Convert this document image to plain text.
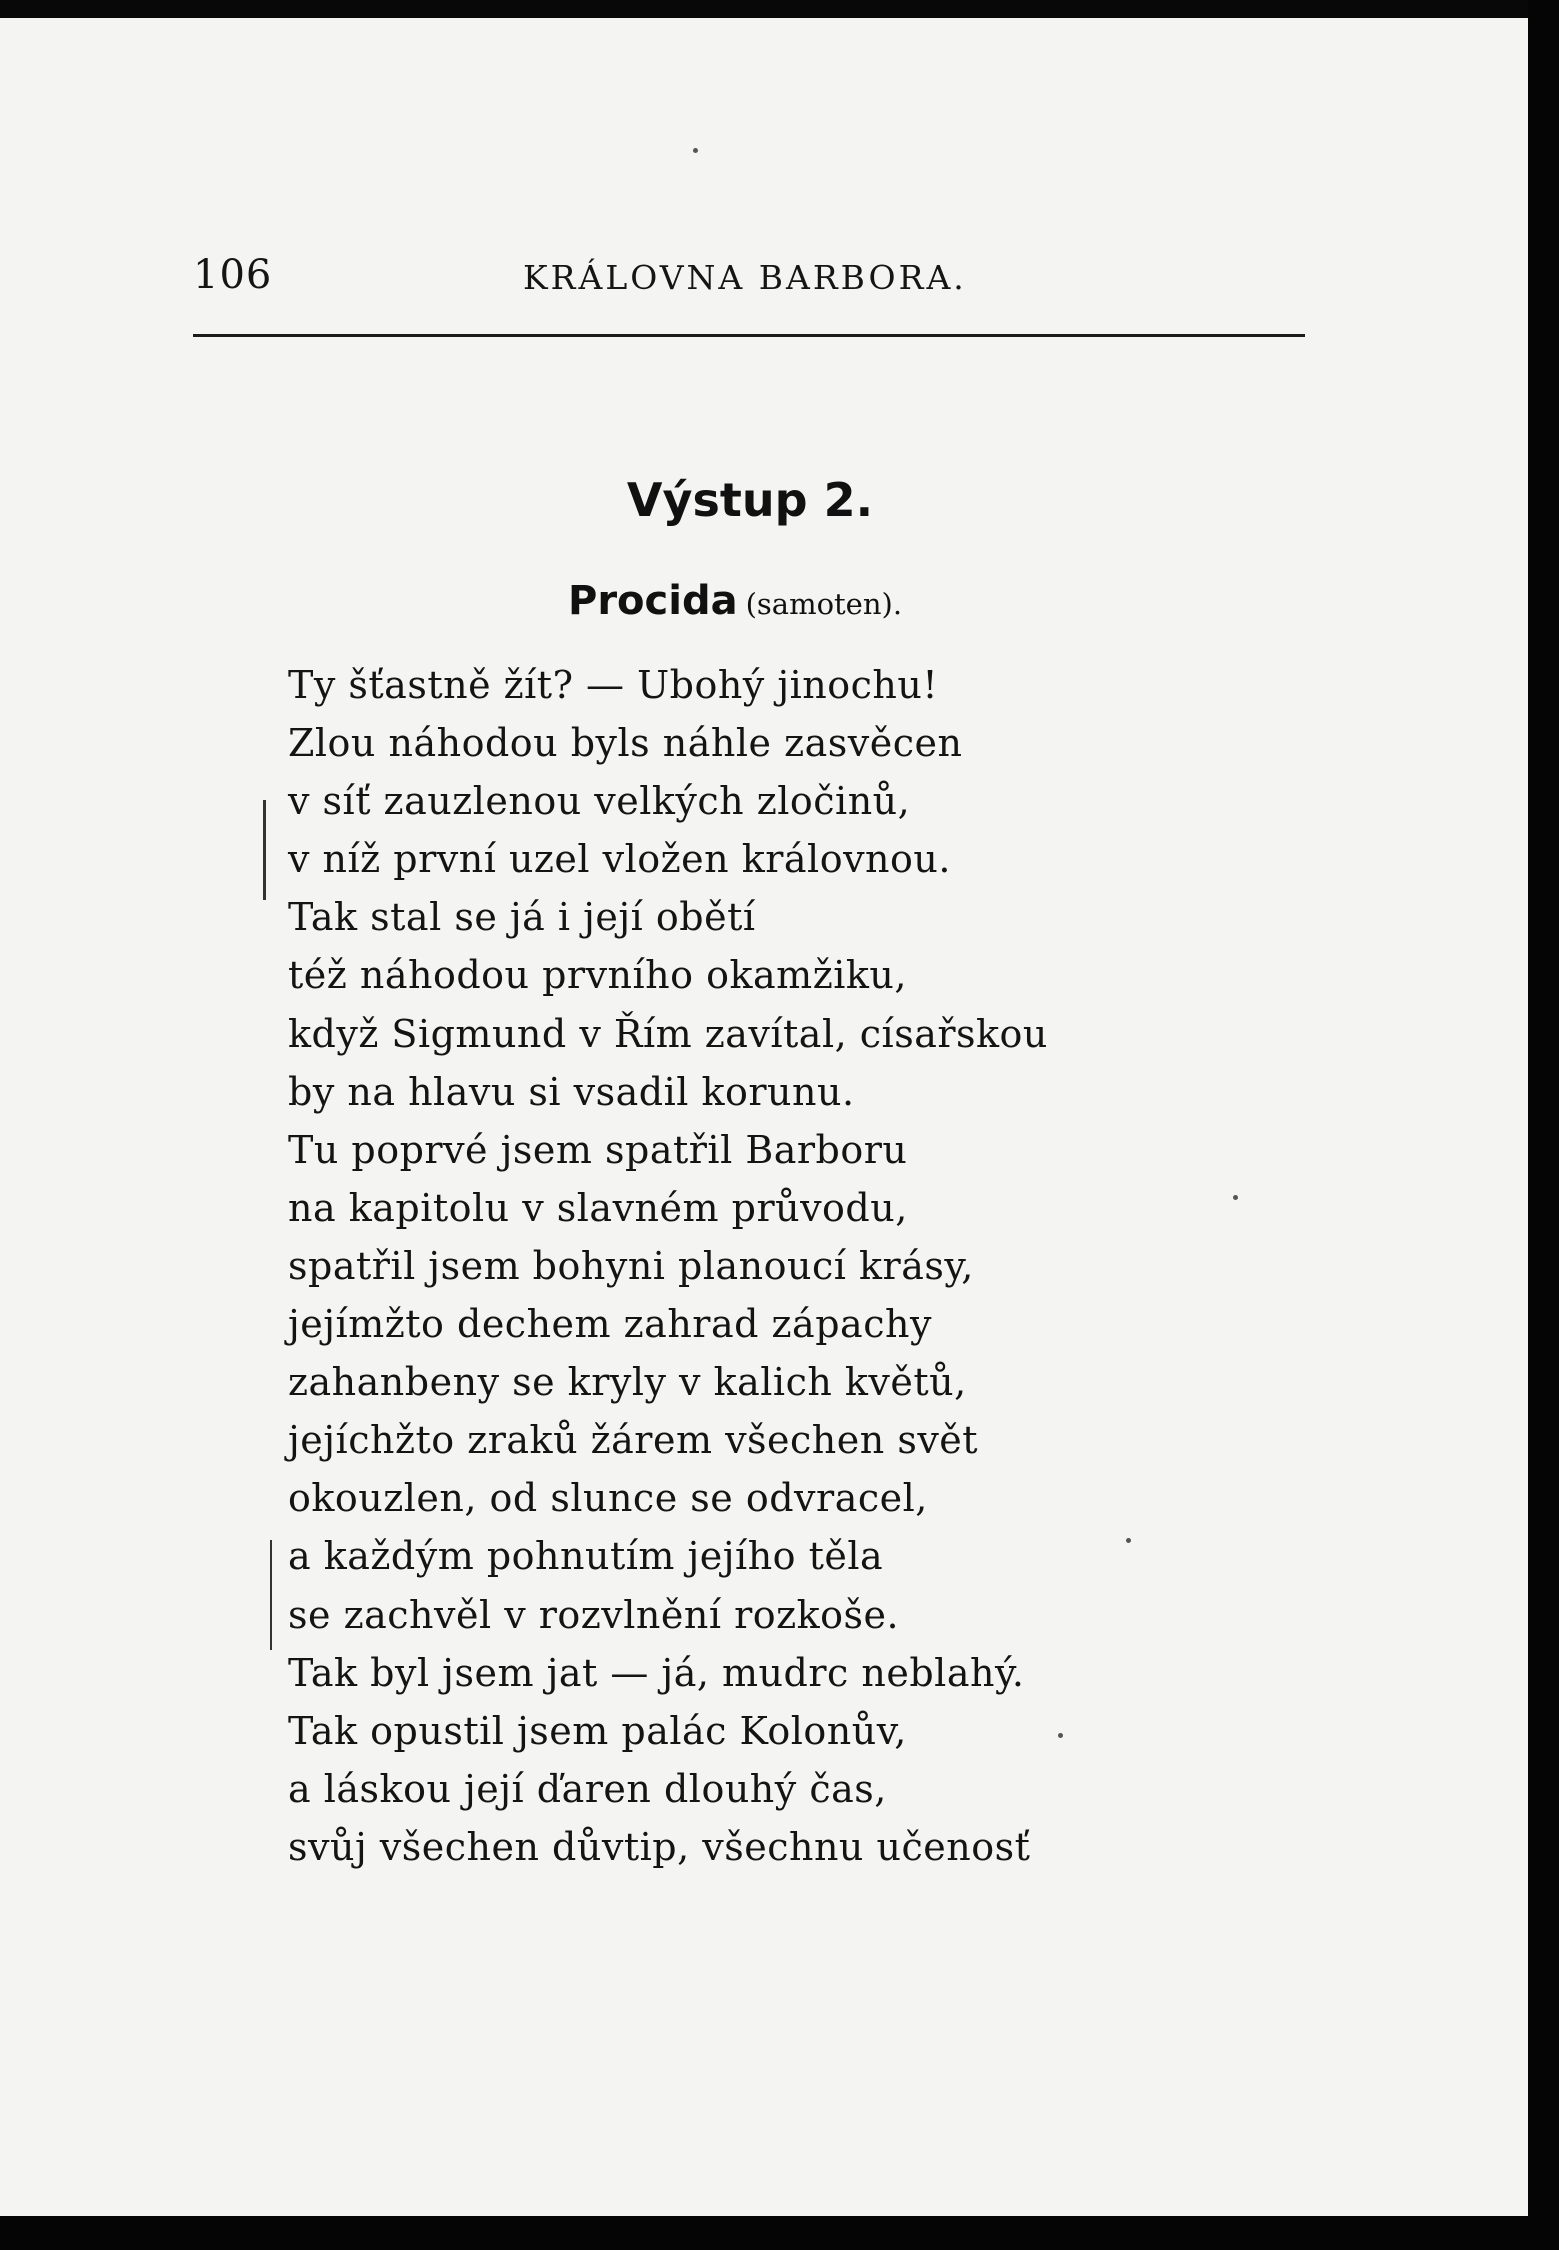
106	KRÁLOVNA BARBORA.
Výstup 2.
Procida (samoten).
Ty šťastně žít? — Ubohý jinochu!
Zlou náhodou byls náhle zasvěcen
v síť zauzlenou velkých zločinů,
v níž první uzel vložen královnou.
Tak stal se já i její obětí
též náhodou prvního okamžiku,
když Sigmund v Řím zavítal, císařskou
by na hlavu si vsadil korunu.
Tu poprvé jsem spatřil Barboru
na kapitolu v slavném průvodu,
spatřil jsem bohyni planoucí krásy,
jejímžto dechem zahrad zápachy
zahanbeny se kryly v kalich květů,
jejíchžto zraků žárem všechen svět
okouzlen, od slunce se odvracel,
a každým pohnutím jejího těla
se zachvěl v rozvlnění rozkoše.
Tak byl jsem jat — já, mudrc neblahý.
Tak opustil jsem palác Kolonův,
a láskou její ďaren dlouhý čas,
svůj všechen důvtip, všechnu učenosť
